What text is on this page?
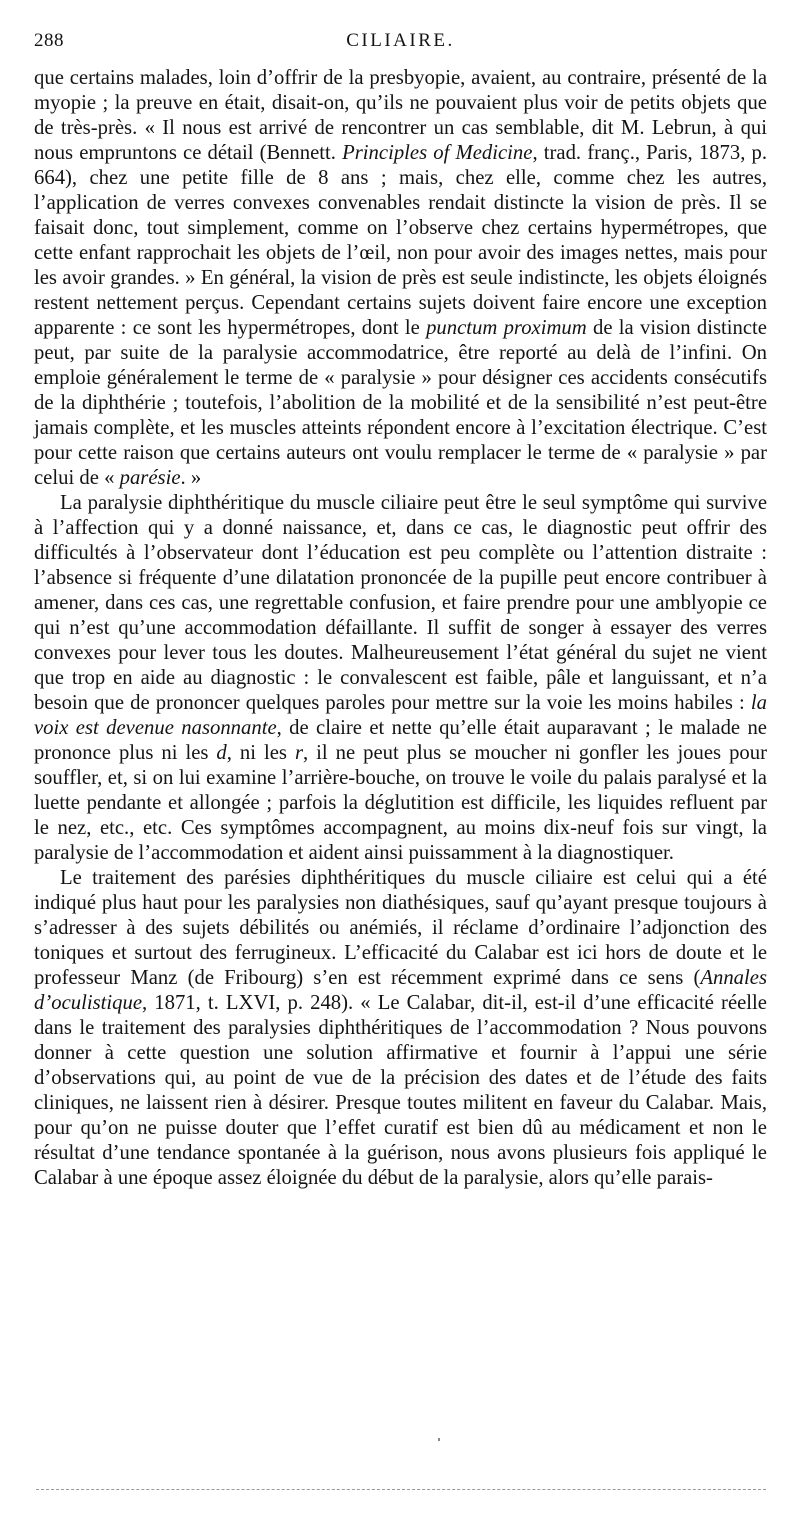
288	CILIAIRE.

que certains malades, loin d’offrir de la presbyopie, avaient, au contraire, présenté de la myopie ; la preuve en était, disait-on, qu’ils ne pouvaient plus voir de petits objets que de très-près. « Il nous est arrivé de rencontrer un cas semblable, dit M. Lebrun, à qui nous empruntons ce détail (Bennett. Principles of Medicine, trad. franç., Paris, 1873, p. 664), chez une petite fille de 8 ans ; mais, chez elle, comme chez les autres, l’application de verres convexes convenables rendait distincte la vision de près. Il se faisait donc, tout simplement, comme on l’observe chez certains hypermétropes, que cette enfant rapprochait les objets de l’œil, non pour avoir des images nettes, mais pour les avoir grandes. » En général, la vision de près est seule indistincte, les objets éloignés restent nettement perçus. Cependant certains sujets doivent faire encore une exception apparente : ce sont les hypermétropes, dont le punctum proximum de la vision distincte peut, par suite de la paralysie accommodatrice, être reporté au delà de l’infini. On emploie généralement le terme de « paralysie » pour désigner ces accidents consécutifs de la diphthérie ; toutefois, l’abolition de la mobilité et de la sensibilité n’est peut-être jamais complète, et les muscles atteints répondent encore à l’excitation électrique. C’est pour cette raison que certains auteurs ont voulu remplacer le terme de « paralysie » par celui de « parésie. »

La paralysie diphthéritique du muscle ciliaire peut être le seul symptôme qui survive à l’affection qui y a donné naissance, et, dans ce cas, le diagnostic peut offrir des difficultés à l’observateur dont l’éducation est peu complète ou l’attention distraite : l’absence si fréquente d’une dilatation prononcée de la pupille peut encore contribuer à amener, dans ces cas, une regrettable confusion, et faire prendre pour une amblyopie ce qui n’est qu’une accommodation défaillante. Il suffit de songer à essayer des verres convexes pour lever tous les doutes. Malheureusement l’état général du sujet ne vient que trop en aide au diagnostic : le convalescent est faible, pâle et languissant, et n’a besoin que de prononcer quelques paroles pour mettre sur la voie les moins habiles : la voix est devenue nasonnante, de claire et nette qu’elle était auparavant ; le malade ne prononce plus ni les d, ni les r, il ne peut plus se moucher ni gonfler les joues pour souffler, et, si on lui examine l’arrière-bouche, on trouve le voile du palais paralysé et la luette pendante et allongée ; parfois la déglutition est difficile, les liquides refluent par le nez, etc., etc. Ces symptômes accompagnent, au moins dix-neuf fois sur vingt, la paralysie de l’accommodation et aident ainsi puissamment à la diagnostiquer.

Le traitement des parésies diphthéritiques du muscle ciliaire est celui qui a été indiqué plus haut pour les paralysies non diathésiques, sauf qu’ayant presque toujours à s’adresser à des sujets débilités ou anémiés, il réclame d’ordinaire l’adjonction des toniques et surtout des ferrugineux. L’efficacité du Calabar est ici hors de doute et le professeur Manz (de Fribourg) s’en est récemment exprimé dans ce sens (Annales d’oculistique, 1871, t. LXVI, p. 248). « Le Calabar, dit-il, est-il d’une efficacité réelle dans le traitement des paralysies diphthéritiques de l’accommodation ? Nous pouvons donner à cette question une solution affirmative et fournir à l’appui une série d’observations qui, au point de vue de la précision des dates et de l’étude des faits cliniques, ne laissent rien à désirer. Presque toutes militent en faveur du Calabar. Mais, pour qu’on ne puisse douter que l’effet curatif est bien dû au médicament et non le résultat d’une tendance spontanée à la guérison, nous avons plusieurs fois appliqué le Calabar à une époque assez éloignée du début de la paralysie, alors qu’elle parais-
